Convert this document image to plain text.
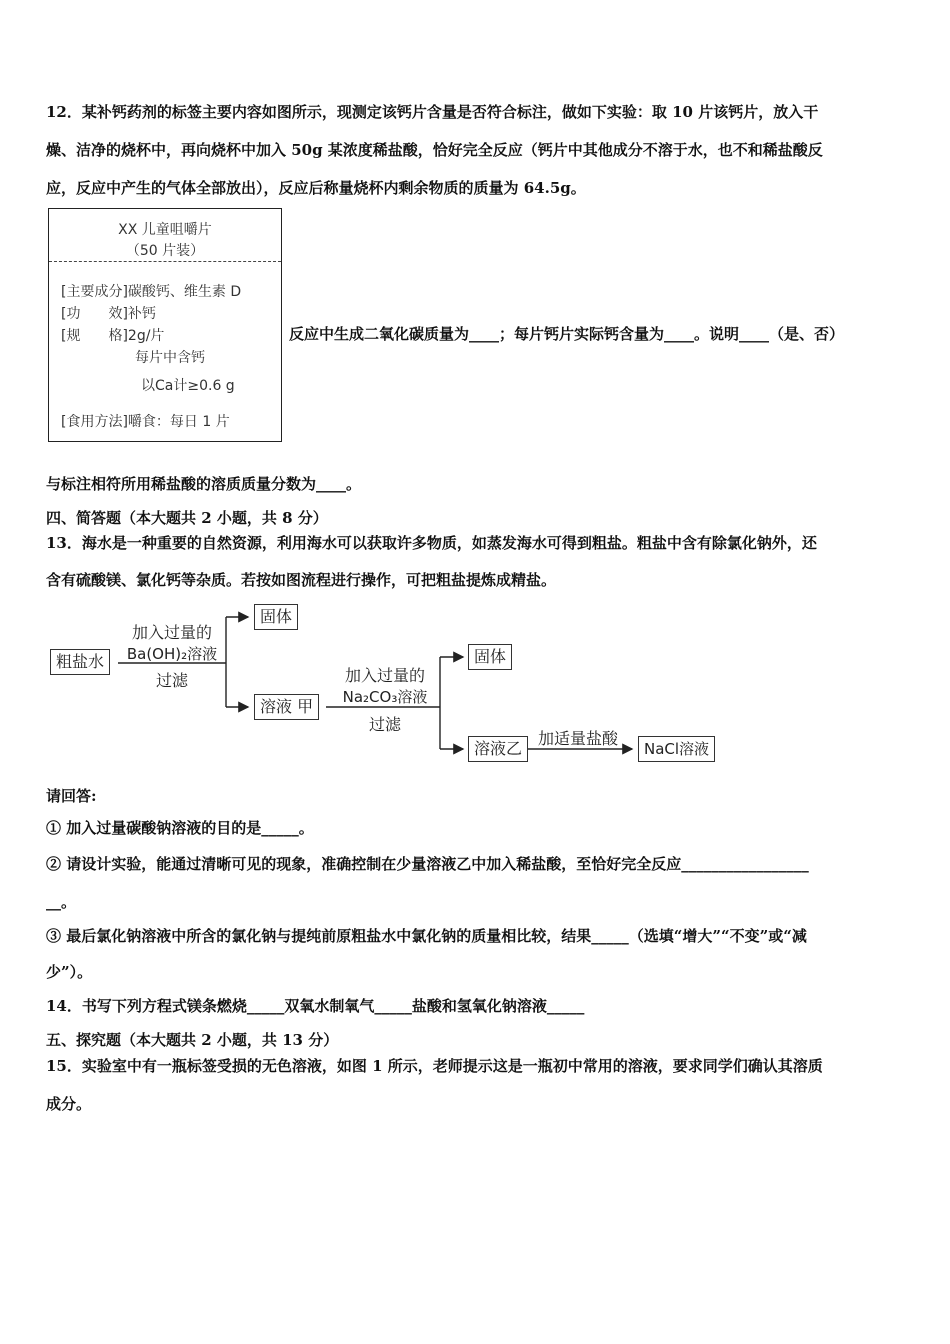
12．某补钙药剂的标签主要内容如图所示，现测定该钙片含量是否符合标注，做如下实验：取 10 片该钙片，放入干
燥、洁净的烧杯中，再向烧杯中加入 50g 某浓度稀盐酸，恰好完全反应（钙片中其他成分不溶于水，也不和稀盐酸反
应，反应中产生的气体全部放出），反应后称量烧杯内剩余物质的质量为 64.5g。
XX 儿童咀嚼片
（50 片装）
[主要成分]碳酸钙、维生素 D
[功　　效]补钙
[规　　格]2g/片
每片中含钙
以Ca计≥0.6 g
[食用方法]嚼食：每日 1 片
反应中生成二氧化碳质量为____；每片钙片实际钙含量为____。说明____（是、否）
与标注相符所用稀盐酸的溶质质量分数为____。
四、简答题（本大题共 2 小题，共 8 分）
13．海水是一种重要的自然资源，利用海水可以获取许多物质，如蒸发海水可得到粗盐。粗盐中含有除氯化钠外，还
含有硫酸镁、氯化钙等杂质。若按如图流程进行操作，可把粗盐提炼成精盐。
粗盐水
加入过量的
Ba(OH)₂溶液
过滤
固体
溶液 甲
加入过量的
Na₂CO₃溶液
过滤
固体
溶液乙
加适量盐酸
NaCl溶液
请回答:
① 加入过量碳酸钠溶液的目的是_____。
② 请设计实验，能通过清晰可见的现象，准确控制在少量溶液乙中加入稀盐酸，至恰好完全反应_________________
__。
③ 最后氯化钠溶液中所含的氯化钠与提纯前原粗盐水中氯化钠的质量相比较，结果_____（选填“增大”“不变”或“减
少”）。
14．书写下列方程式镁条燃烧_____双氧水制氧气_____盐酸和氢氧化钠溶液_____
五、探究题（本大题共 2 小题，共 13 分）
15．实验室中有一瓶标签受损的无色溶液，如图 1 所示，老师提示这是一瓶初中常用的溶液，要求同学们确认其溶质
成分。
